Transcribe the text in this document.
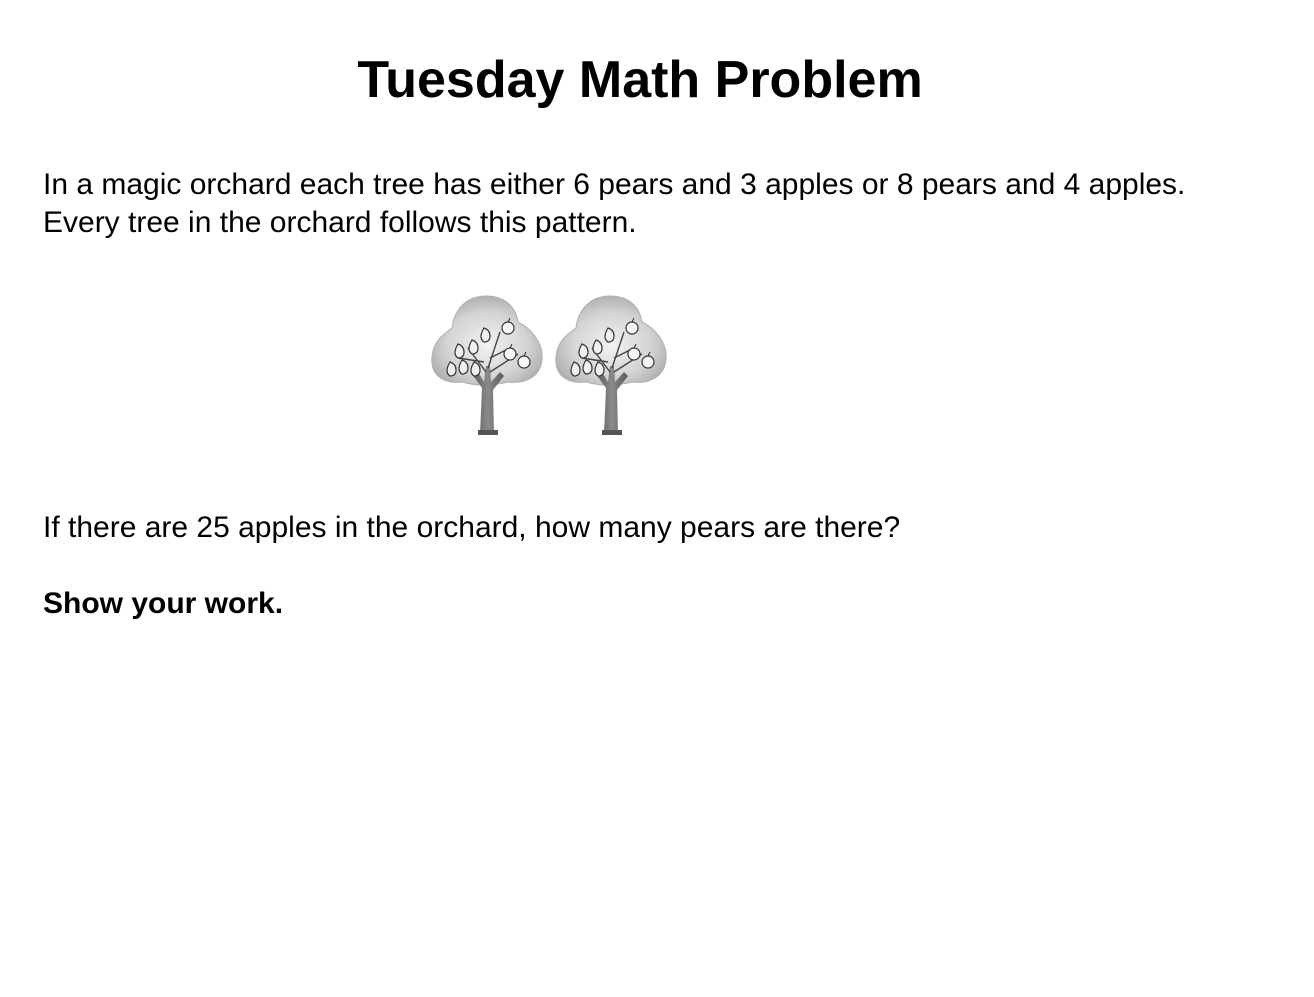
Tuesday Math Problem

In a magic orchard each tree has either 6 pears and 3 apples or 8 pears and 4 apples. Every tree in the orchard follows this pattern.

If there are 25 apples in the orchard, how many pears are there?

Show your work.
